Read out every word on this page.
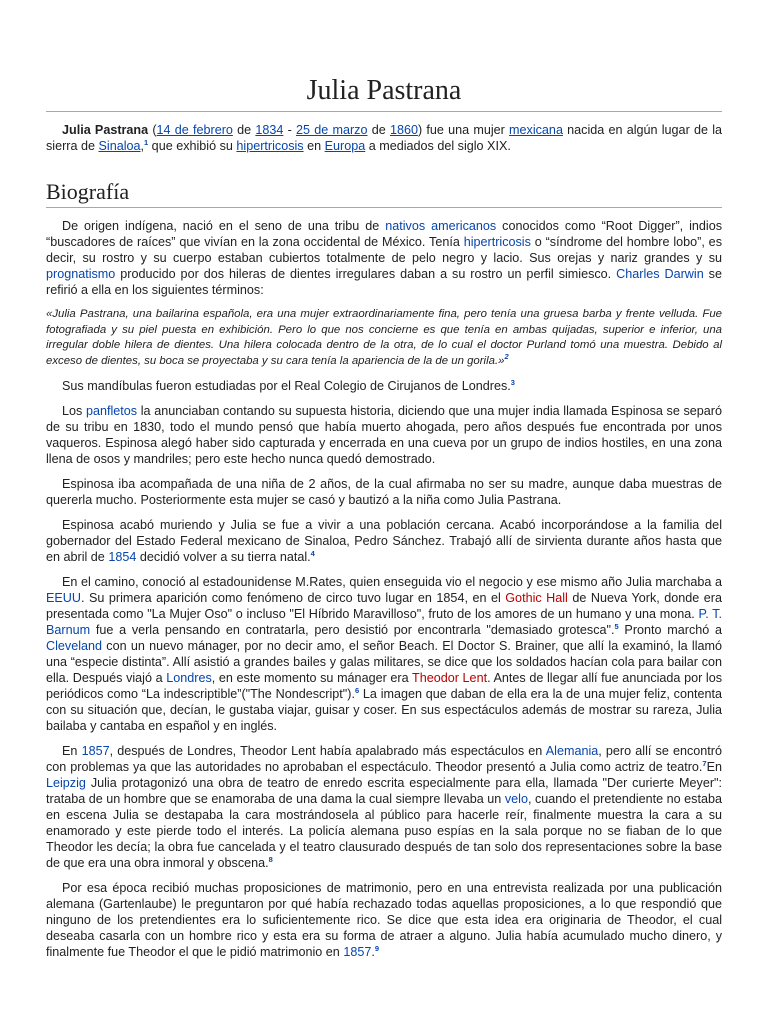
Julia Pastrana

Julia Pastrana (14 de febrero de 1834 - 25 de marzo de 1860) fue una mujer mexicana nacida en algún lugar de la sierra de Sinaloa,$^1$ que exhibió su hipertricosis en Europa a mediados del siglo XIX.

Biografía

De origen indígena, nació en el seno de una tribu de nativos americanos conocidos como “Root Digger”, indios “buscadores de raíces” que vivían en la zona occidental de México. Tenía hipertricosis o “síndrome del hombre lobo”, es decir, su rostro y su cuerpo estaban cubiertos totalmente de pelo negro y lacio. Sus orejas y nariz grandes y su prognatismo producido por dos hileras de dientes irregulares daban a su rostro un perfil simiesco. Charles Darwin se refirió a ella en los siguientes términos:

«Julia Pastrana, una bailarina española, era una mujer extraordinariamente fina, pero tenía una gruesa barba y frente velluda. Fue fotografiada y su piel puesta en exhibición. Pero lo que nos concierne es que tenía en ambas quijadas, superior e inferior, una irregular doble hilera de dientes. Una hilera colocada dentro de la otra, de lo cual el doctor Purland tomó una muestra. Debido al exceso de dientes, su boca se proyectaba y su cara tenía la apariencia de la de un gorila.»$^2$

Sus mandíbulas fueron estudiadas por el Real Colegio de Cirujanos de Londres.$^3$

Los panfletos la anunciaban contando su supuesta historia, diciendo que una mujer india llamada Espinosa se separó de su tribu en 1830, todo el mundo pensó que había muerto ahogada, pero años después fue encontrada por unos vaqueros. Espinosa alegó haber sido capturada y encerrada en una cueva por un grupo de indios hostiles, en una zona llena de osos y mandriles; pero este hecho nunca quedó demostrado.

Espinosa iba acompañada de una niña de 2 años, de la cual afirmaba no ser su madre, aunque daba muestras de quererla mucho. Posteriormente esta mujer se casó y bautizó a la niña como Julia Pastrana.

Espinosa acabó muriendo y Julia se fue a vivir a una población cercana. Acabó incorporándose a la familia del gobernador del Estado Federal mexicano de Sinaloa, Pedro Sánchez. Trabajó allí de sirvienta durante años hasta que en abril de 1854 decidió volver a su tierra natal.$^4$

En el camino, conoció al estadounidense M.Rates, quien enseguida vio el negocio y ese mismo año Julia marchaba a EEUU. Su primera aparición como fenómeno de circo tuvo lugar en 1854, en el Gothic Hall de Nueva York, donde era presentada como "La Mujer Oso" o incluso "El Híbrido Maravilloso", fruto de los amores de un humano y una mona. P. T. Barnum fue a verla pensando en contratarla, pero desistió por encontrarla "demasiado grotesca".$^5$ Pronto marchó a Cleveland con un nuevo mánager, por no decir amo, el señor Beach. El Doctor S. Brainer, que allí la examinó, la llamó una “especie distinta”. Allí asistió a grandes bailes y galas militares, se dice que los soldados hacían cola para bailar con ella. Después viajó a Londres, en este momento su mánager era Theodor Lent. Antes de llegar allí fue anunciada por los periódicos como “La indescriptible”("The Nondescript").$^6$ La imagen que daban de ella era la de una mujer feliz, contenta con su situación que, decían, le gustaba viajar, guisar y coser. En sus espectáculos además de mostrar su rareza, Julia bailaba y cantaba en español y en inglés.

En 1857, después de Londres, Theodor Lent había apalabrado más espectáculos en Alemania, pero allí se encontró con problemas ya que las autoridades no aprobaban el espectáculo. Theodor presentó a Julia como actriz de teatro.$^7$En Leipzig Julia protagonizó una obra de teatro de enredo escrita especialmente para ella, llamada "Der curierte Meyer": trataba de un hombre que se enamoraba de una dama la cual siempre llevaba un velo, cuando el pretendiente no estaba en escena Julia se destapaba la cara mostrándosela al público para hacerle reír, finalmente muestra la cara a su enamorado y este pierde todo el interés. La policía alemana puso espías en la sala porque no se fiaban de lo que Theodor les decía; la obra fue cancelada y el teatro clausurado después de tan solo dos representaciones sobre la base de que era una obra inmoral y obscena.$^8$

Por esa época recibió muchas proposiciones de matrimonio, pero en una entrevista realizada por una publicación alemana (Gartenlaube) le preguntaron por qué había rechazado todas aquellas proposiciones, a lo que respondió que ninguno de los pretendientes era lo suficientemente rico. Se dice que esta idea era originaria de Theodor, el cual deseaba casarla con un hombre rico y esta era su forma de atraer a alguno. Julia había acumulado mucho dinero, y finalmente fue Theodor el que le pidió matrimonio en 1857.$^9$
